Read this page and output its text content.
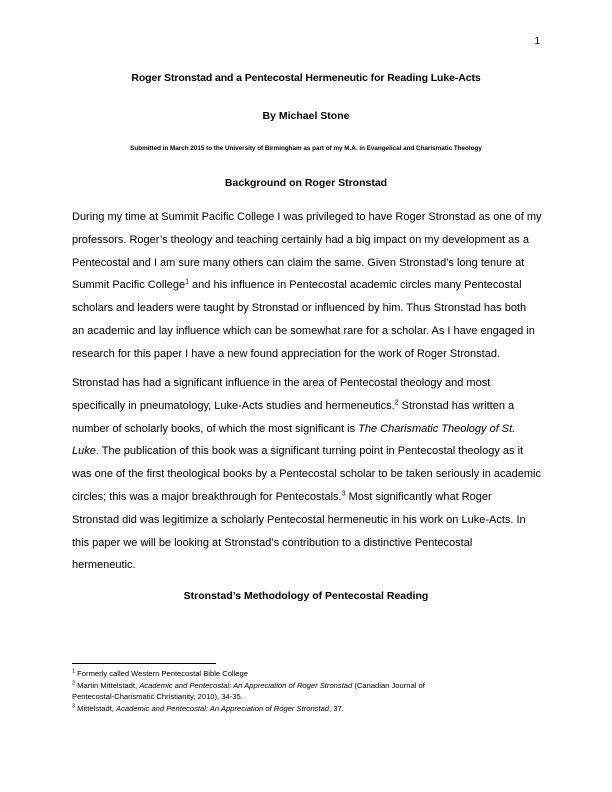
1
Roger Stronstad and a Pentecostal Hermeneutic for Reading Luke-Acts
By Michael Stone
Submitted in March 2015 to the University of Birmingham as part of my M.A. in Evangelical and Charismatic Theology
Background on Roger Stronstad

During my time at Summit Pacific College I was privileged to have Roger Stronstad as one of my
professors. Roger’s theology and teaching certainly had a big impact on my development as a
Pentecostal and I am sure many others can claim the same. Given Stronstad’s long tenure at
Summit Pacific College$^1$ and his influence in Pentecostal academic circles many Pentecostal
scholars and leaders were taught by Stronstad or influenced by him. Thus Stronstad has both
an academic and lay influence which can be somewhat rare for a scholar. As I have engaged in
research for this paper I have a new found appreciation for the work of Roger Stronstad.

Stronstad has had a significant influence in the area of Pentecostal theology and most
specifically in pneumatology, Luke-Acts studies and hermeneutics.$^2$ Stronstad has written a
number of scholarly books, of which the most significant is The Charismatic Theology of St.
Luke. The publication of this book was a significant turning point in Pentecostal theology as it
was one of the first theological books by a Pentecostal scholar to be taken seriously in academic
circles; this was a major breakthrough for Pentecostals.$^3$ Most significantly what Roger
Stronstad did was legitimize a scholarly Pentecostal hermeneutic in his work on Luke-Acts. In
this paper we will be looking at Stronstad’s contribution to a distinctive Pentecostal
hermeneutic.

Stronstad’s Methodology of Pentecostal Reading

$^1$ Formerly called Western Pentecostal Bible College

$^2$ Martin Mittelstadt, Academic and Pentecostal: An Appreciation of Roger Stronstad (Canadian Journal of
Pentecostal-Charismatic Christianity, 2010), 34-35.

$^3$ Mittelstadt, Academic and Pentecostal: An Appreciation of Roger Stronstad, 37.
